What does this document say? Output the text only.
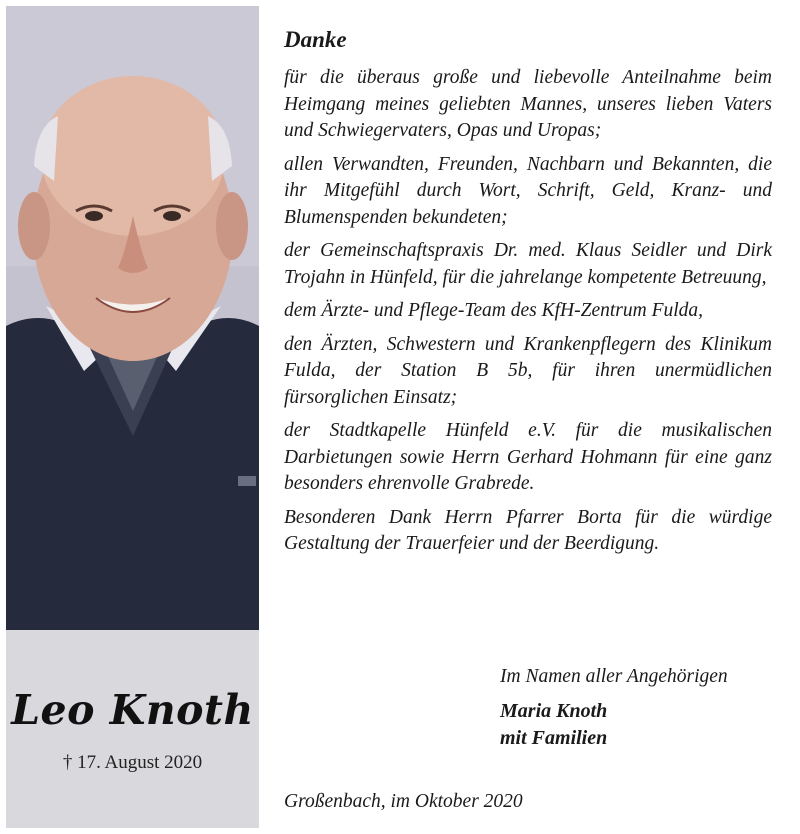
Leo Knoth
† 17. August 2020
Danke

für die überaus große und liebevolle Anteilnahme beim Heimgang meines geliebten Mannes, unseres lieben Vaters und Schwiegervaters, Opas und Uropas;

allen Verwandten, Freunden, Nachbarn und Bekannten, die ihr Mitgefühl durch Wort, Schrift, Geld, Kranz- und Blumenspenden bekundeten;

der Gemeinschaftspraxis Dr. med. Klaus Seidler und Dirk Trojahn in Hünfeld, für die jahrelange kompetente Betreuung,

dem Ärzte- und Pflege-Team des KfH-Zentrum Fulda,

den Ärzten, Schwestern und Krankenpflegern des Klinikum Fulda, der Station B 5b, für ihren unermüdlichen fürsorglichen Einsatz;

der Stadtkapelle Hünfeld e.V. für die musikalischen Darbietungen sowie Herrn Gerhard Hohmann für eine ganz besonders ehrenvolle Grabrede.

Besonderen Dank Herrn Pfarrer Borta für die würdige Gestaltung der Trauerfeier und der Beerdigung.

Im Namen aller Angehörigen
Maria Knoth
mit Familien
Großenbach, im Oktober 2020
